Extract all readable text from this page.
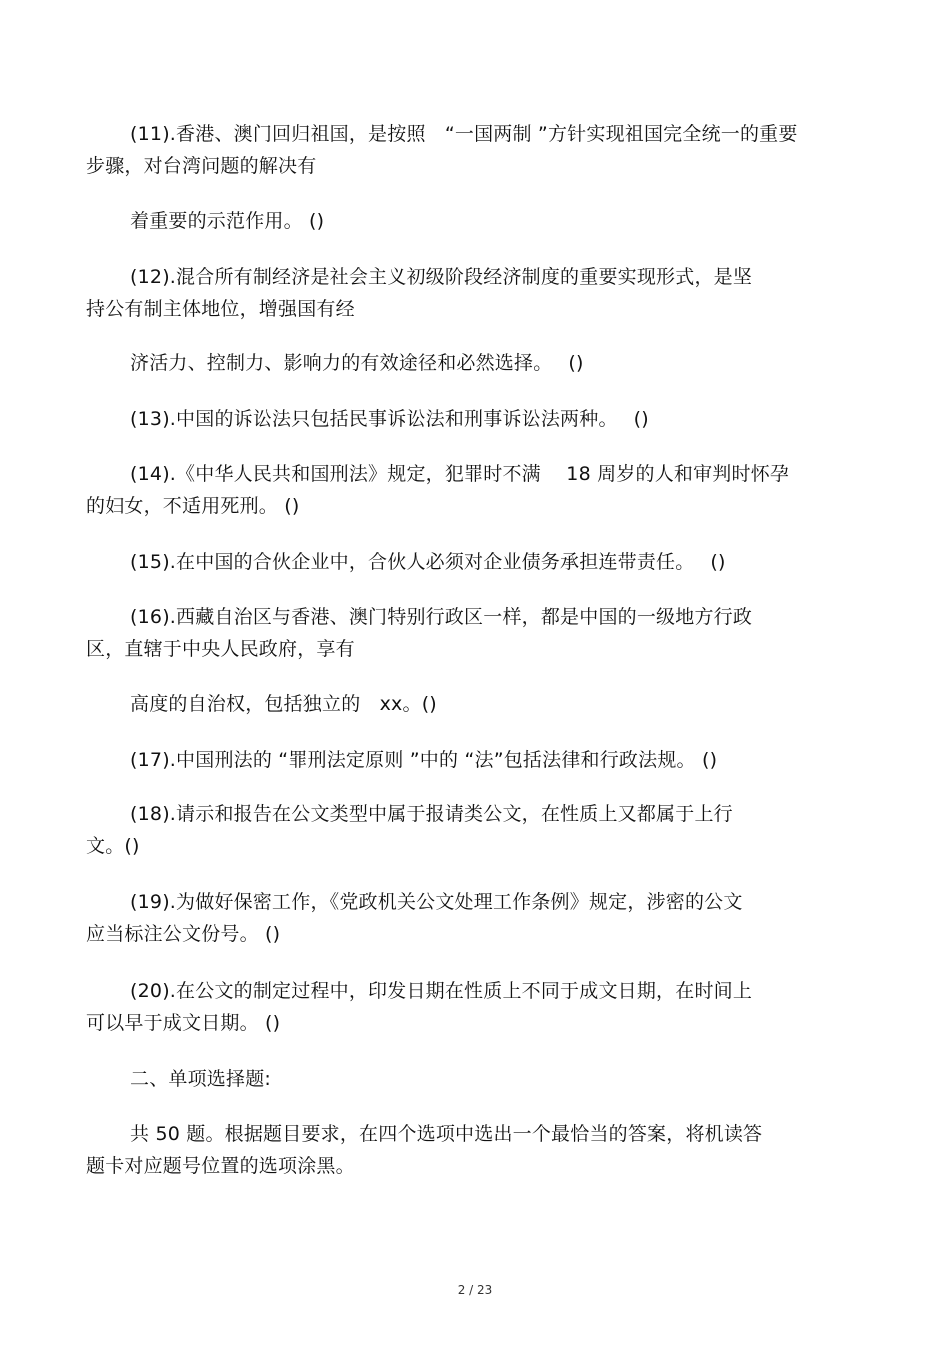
(11).香港、澳门回归祖国，是按照　“一国两制 ”方针实现祖国完全统一的重要
步骤，对台湾问题的解决有
着重要的示范作用。 ()
(12).混合所有制经济是社会主义初级阶段经济制度的重要实现形式，是坚
持公有制主体地位，增强国有经
济活力、控制力、影响力的有效途径和必然选择。　 ()
(13).中国的诉讼法只包括民事诉讼法和刑事诉讼法两种。　 ()
(14).《中华人民共和国刑法》规定，犯罪时不满　 18 周岁的人和审判时怀孕
的妇女，不适用死刑。 ()
(15).在中国的合伙企业中，合伙人必须对企业债务承担连带责任。　 ()
(16).西藏自治区与香港、澳门特别行政区一样，都是中国的一级地方行政
区，直辖于中央人民政府，享有
高度的自治权，包括独立的　xx。()
(17).中国刑法的 “罪刑法定原则 ”中的 “法”包括法律和行政法规。 ()
(18).请示和报告在公文类型中属于报请类公文，在性质上又都属于上行
文。()
(19).为做好保密工作，《党政机关公文处理工作条例》规定，涉密的公文
应当标注公文份号。 ()
(20).在公文的制定过程中，印发日期在性质上不同于成文日期，在时间上
可以早于成文日期。 ()
二、单项选择题:
共 50 题。根据题目要求，在四个选项中选出一个最恰当的答案，将机读答
题卡对应题号位置的选项涂黑。
2 / 23
